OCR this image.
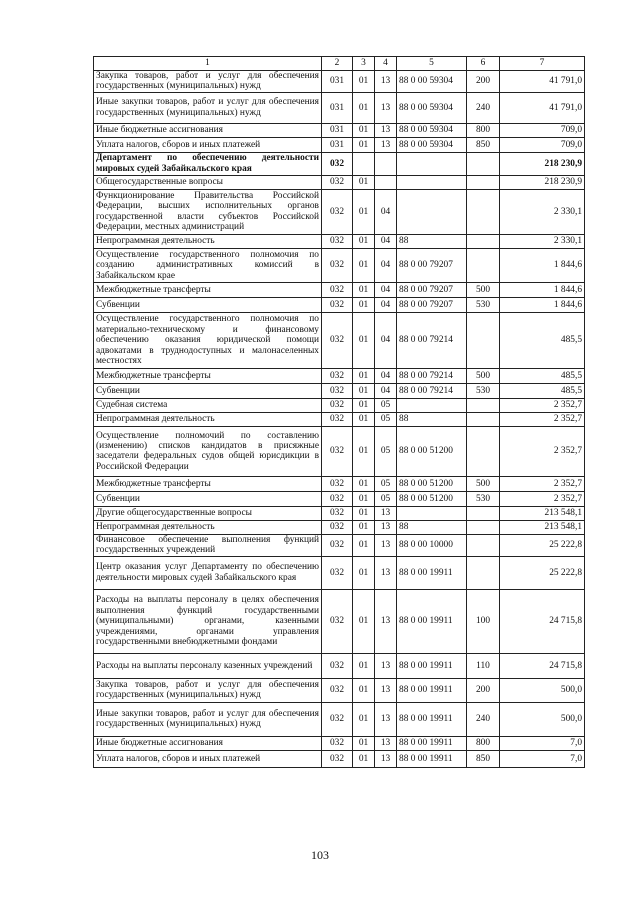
1	2	3	4	5	6	7
Закупка товаров, работ и услуг для обеспечения государственных (муниципальных) нужд	031	01	13	88 0 00 59304	200	41 791,0
Иные закупки товаров, работ и услуг для обеспечения государственных (муниципальных) нужд	031	01	13	88 0 00 59304	240	41 791,0
Иные бюджетные ассигнования	031	01	13	88 0 00 59304	800	709,0
Уплата налогов, сборов и иных платежей	031	01	13	88 0 00 59304	850	709,0
Департамент по обеспечению деятельности мировых судей Забайкальского края	032					218 230,9
Общегосударственные вопросы	032	01				218 230,9
Функционирование Правительства Российской Федерации, высших исполнительных органов государственной власти субъектов Российской Федерации, местных администраций	032	01	04			2 330,1
Непрограммная деятельность	032	01	04	88		2 330,1
Осуществление государственного полномочия по созданию административных комиссий в Забайкальском крае	032	01	04	88 0 00 79207		1 844,6
Межбюджетные трансферты	032	01	04	88 0 00 79207	500	1 844,6
Субвенции	032	01	04	88 0 00 79207	530	1 844,6
Осуществление государственного полномочия по материально-техническому и финансовому обеспечению оказания юридической помощи адвокатами в труднодоступных и малонаселенных местностях	032	01	04	88 0 00 79214		485,5
Межбюджетные трансферты	032	01	04	88 0 00 79214	500	485,5
Субвенции	032	01	04	88 0 00 79214	530	485,5
Судебная система	032	01	05			2 352,7
Непрограммная деятельность	032	01	05	88		2 352,7
Осуществление полномочий по составлению (изменению) списков кандидатов в присяжные заседатели федеральных судов общей юрисдикции в Российской Федерации	032	01	05	88 0 00 51200		2 352,7
Межбюджетные трансферты	032	01	05	88 0 00 51200	500	2 352,7
Субвенции	032	01	05	88 0 00 51200	530	2 352,7
Другие общегосударственные вопросы	032	01	13			213 548,1
Непрограммная деятельность	032	01	13	88		213 548,1
Финансовое обеспечение выполнения функций государственных учреждений	032	01	13	88 0 00 10000		25 222,8
Центр оказания услуг Департаменту по обеспечению деятельности мировых судей Забайкальского края	032	01	13	88 0 00 19911		25 222,8
Расходы на выплаты персоналу в целях обеспечения выполнения функций государственными (муниципальными) органами, казенными учреждениями, органами управления государственными внебюджетными фондами	032	01	13	88 0 00 19911	100	24 715,8
Расходы на выплаты персоналу казенных учреждений	032	01	13	88 0 00 19911	110	24 715,8
Закупка товаров, работ и услуг для обеспечения государственных (муниципальных) нужд	032	01	13	88 0 00 19911	200	500,0
Иные закупки товаров, работ и услуг для обеспечения государственных (муниципальных) нужд	032	01	13	88 0 00 19911	240	500,0
Иные бюджетные ассигнования	032	01	13	88 0 00 19911	800	7,0
Уплата налогов, сборов и иных платежей	032	01	13	88 0 00 19911	850	7,0
103
